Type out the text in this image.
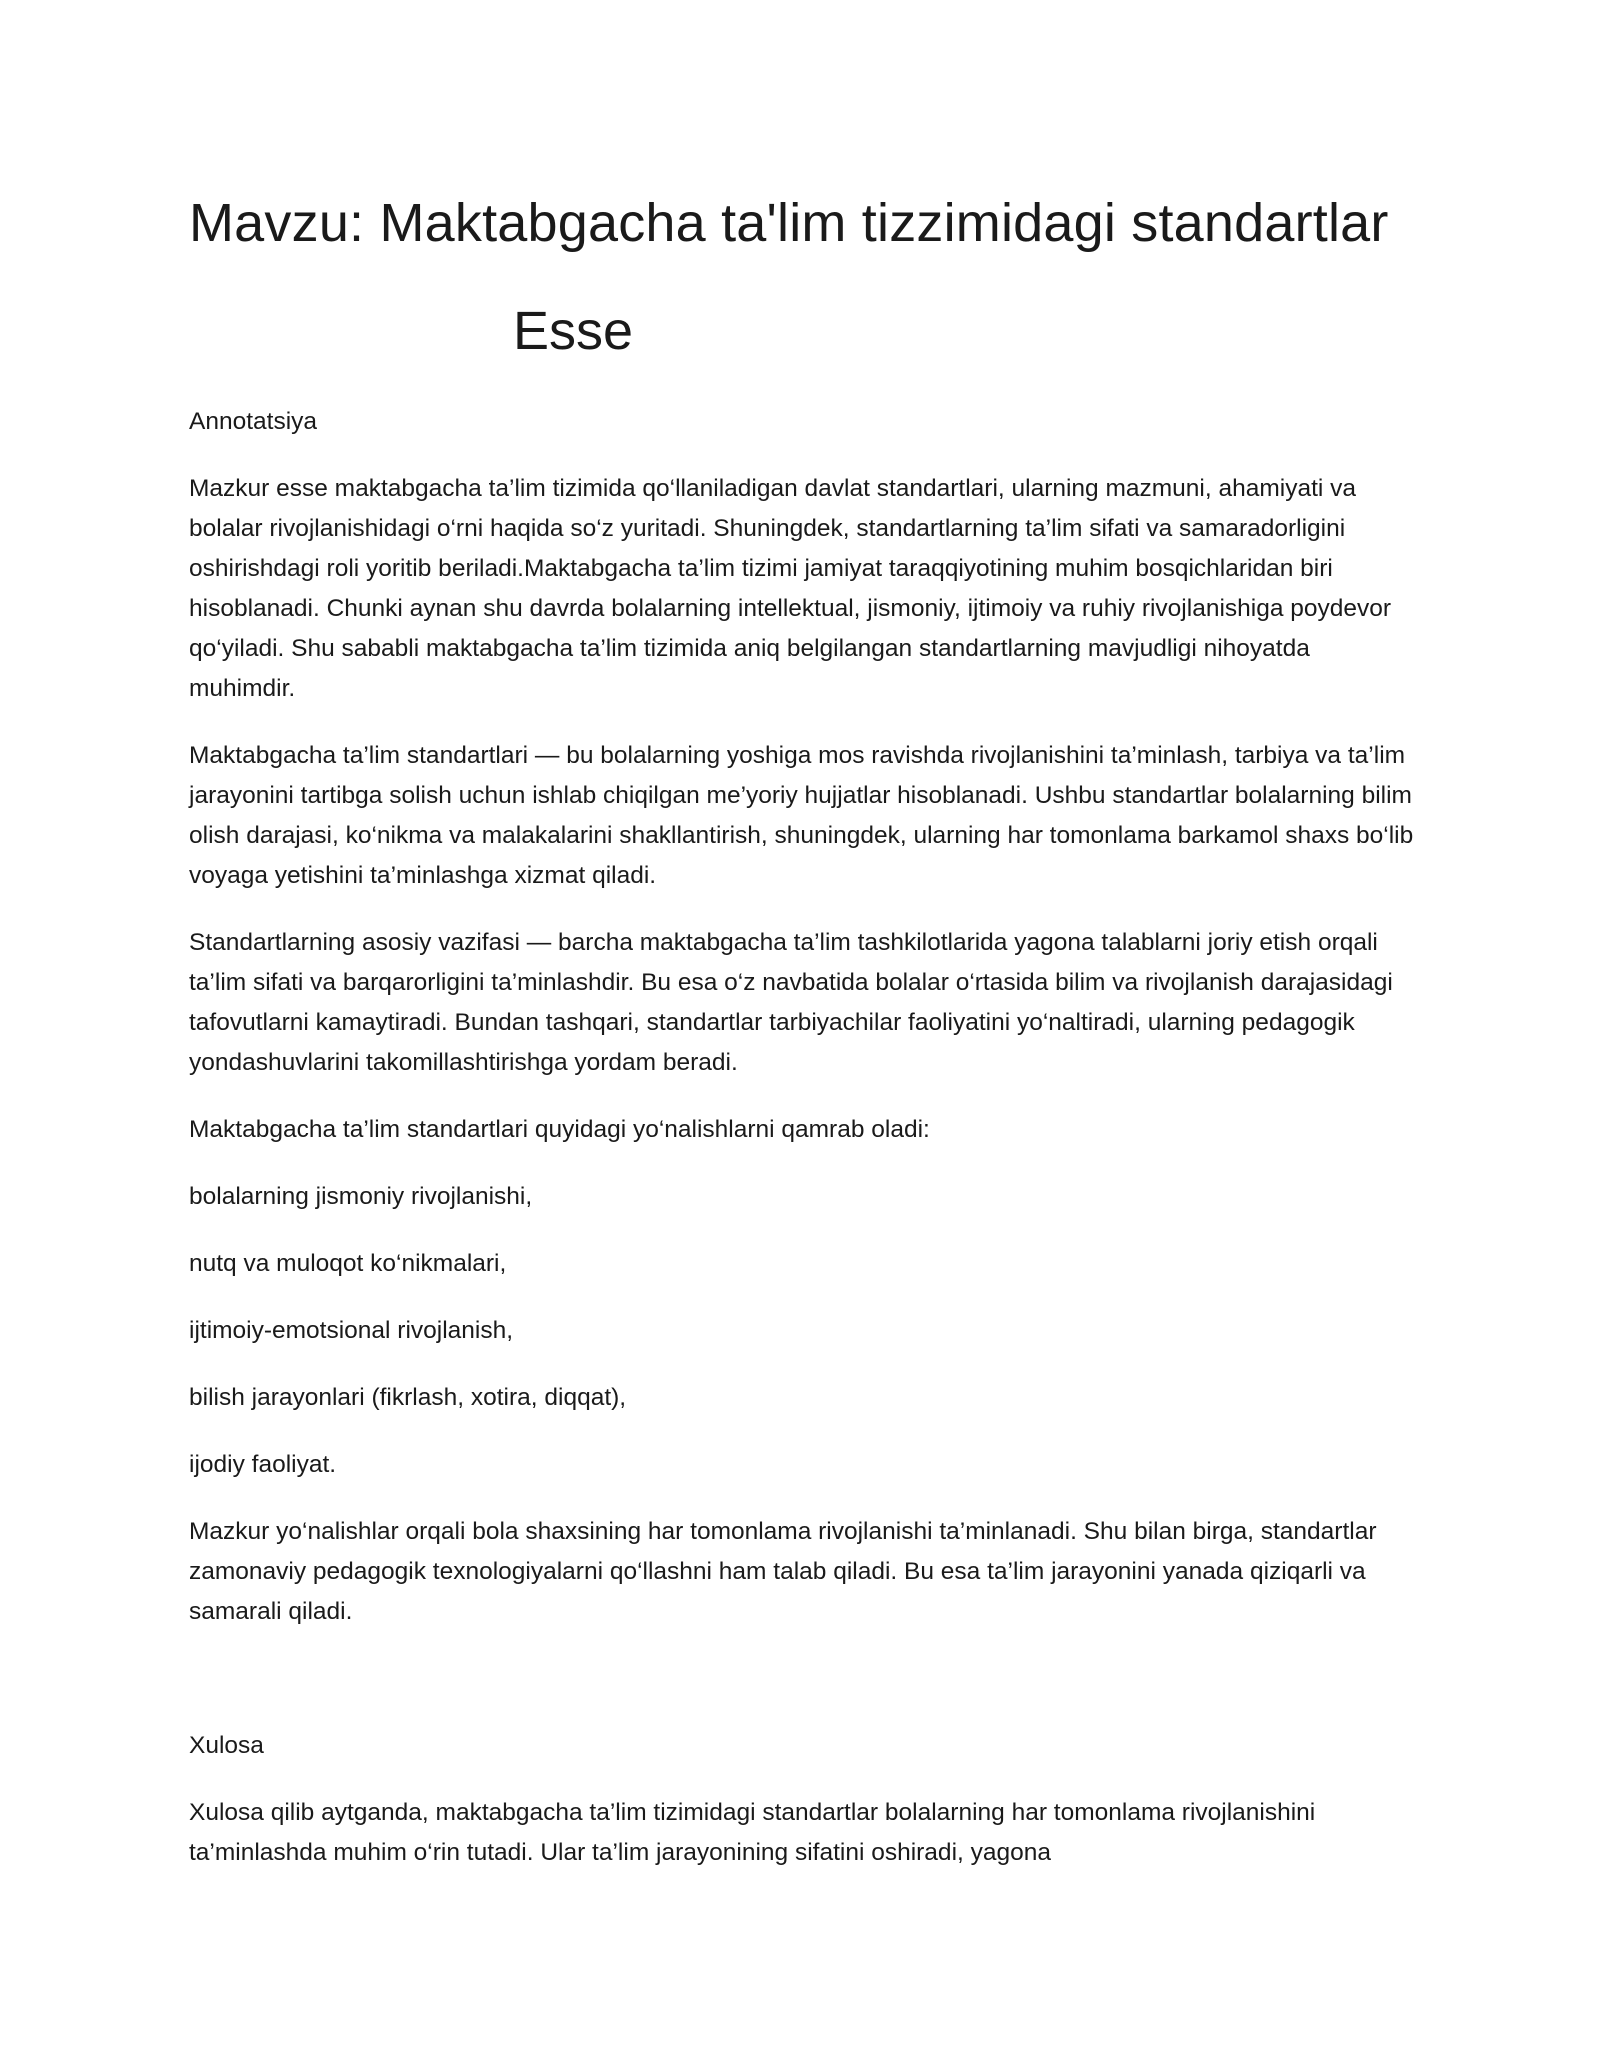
Mavzu: Maktabgacha ta'lim tizzimidagi standartlar
Esse

Annotatsiya

Mazkur esse maktabgacha ta’lim tizimida qo‘llaniladigan davlat standartlari, ularning mazmuni, ahamiyati va bolalar rivojlanishidagi o‘rni haqida so‘z yuritadi. Shuningdek, standartlarning ta’lim sifati va samaradorligini oshirishdagi roli yoritib beriladi.Maktabgacha ta’lim tizimi jamiyat taraqqiyotining muhim bosqichlaridan biri hisoblanadi. Chunki aynan shu davrda bolalarning intellektual, jismoniy, ijtimoiy va ruhiy rivojlanishiga poydevor qo‘yiladi. Shu sababli maktabgacha ta’lim tizimida aniq belgilangan standartlarning mavjudligi nihoyatda muhimdir.

Maktabgacha ta’lim standartlari — bu bolalarning yoshiga mos ravishda rivojlanishini ta’minlash, tarbiya va ta’lim jarayonini tartibga solish uchun ishlab chiqilgan me’yoriy hujjatlar hisoblanadi. Ushbu standartlar bolalarning bilim olish darajasi, ko‘nikma va malakalarini shakllantirish, shuningdek, ularning har tomonlama barkamol shaxs bo‘lib voyaga yetishini ta’minlashga xizmat qiladi.

Standartlarning asosiy vazifasi — barcha maktabgacha ta’lim tashkilotlarida yagona talablarni joriy etish orqali ta’lim sifati va barqarorligini ta’minlashdir. Bu esa o‘z navbatida bolalar o‘rtasida bilim va rivojlanish darajasidagi tafovutlarni kamaytiradi. Bundan tashqari, standartlar tarbiyachilar faoliyatini yo‘naltiradi, ularning pedagogik yondashuvlarini takomillashtirishga yordam beradi.

Maktabgacha ta’lim standartlari quyidagi yo‘nalishlarni qamrab oladi:

bolalarning jismoniy rivojlanishi,

nutq va muloqot ko‘nikmalari,

ijtimoiy-emotsional rivojlanish,

bilish jarayonlari (fikrlash, xotira, diqqat),

ijodiy faoliyat.

Mazkur yo‘nalishlar orqali bola shaxsining har tomonlama rivojlanishi ta’minlanadi. Shu bilan birga, standartlar zamonaviy pedagogik texnologiyalarni qo‘llashni ham talab qiladi. Bu esa ta’lim jarayonini yanada qiziqarli va samarali qiladi.

Xulosa

Xulosa qilib aytganda, maktabgacha ta’lim tizimidagi standartlar bolalarning har tomonlama rivojlanishini ta’minlashda muhim o‘rin tutadi. Ular ta’lim jarayonining sifatini oshiradi, yagona
